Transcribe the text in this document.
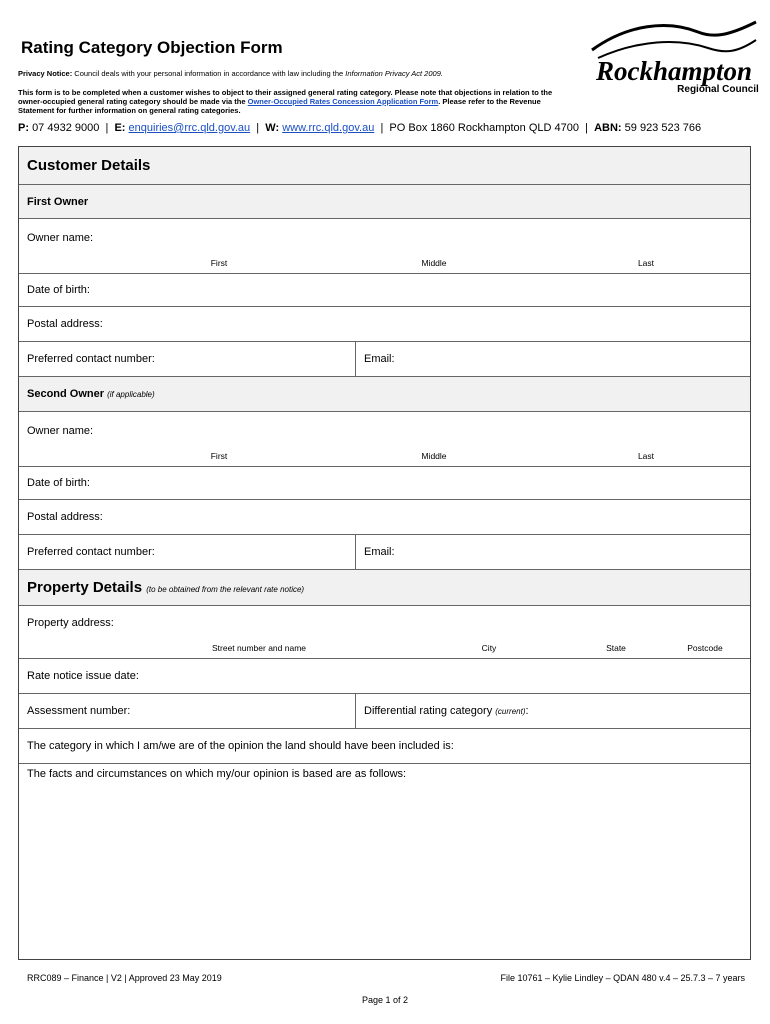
Rating Category Objection Form
Privacy Notice: Council deals with your personal information in accordance with law including the Information Privacy Act 2009.
This form is to be completed when a customer wishes to object to their assigned general rating category. Please note that objections in relation to the owner-occupied general rating category should be made via the Owner-Occupied Rates Concession Application Form. Please refer to the Revenue Statement for further information on general rating categories.
P: 07 4932 9000 | E: enquiries@rrc.qld.gov.au | W: www.rrc.qld.gov.au | PO Box 1860 Rockhampton QLD 4700 | ABN: 59 923 523 766
Rockhampton
Regional Council
Customer Details
First Owner
Owner name:
First	Middle	Last
Date of birth:
Postal address:
Preferred contact number:	Email:
Second Owner (if applicable)
Owner name:
First	Middle	Last
Date of birth:
Postal address:
Preferred contact number:	Email:
Property Details (to be obtained from the relevant rate notice)
Property address:
Street number and name	City	State	Postcode
Rate notice issue date:
Assessment number:	Differential rating category (current):
The category in which I am/we are of the opinion the land should have been included is:
The facts and circumstances on which my/our opinion is based are as follows:
RRC089 – Finance | V2 | Approved 23 May 2019	File 10761 – Kylie Lindley – QDAN 480 v.4 – 25.7.3 – 7 years
Page 1 of 2
